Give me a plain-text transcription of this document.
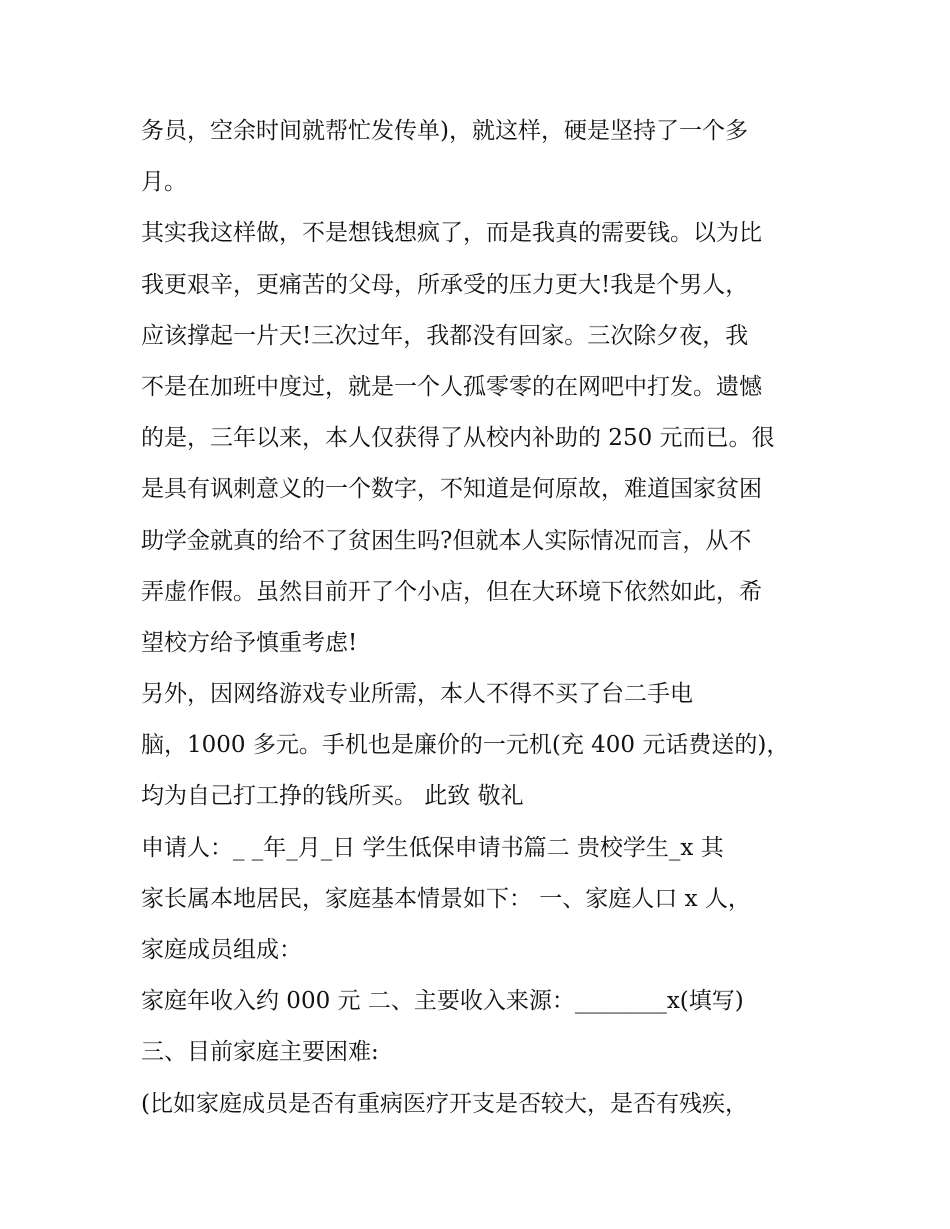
务员，空余时间就帮忙发传单)，就这样，硬是坚持了一个多
月。
其实我这样做，不是想钱想疯了，而是我真的需要钱。以为比
我更艰辛，更痛苦的父母，所承受的压力更大!我是个男人，
应该撑起一片天!三次过年，我都没有回家。三次除夕夜，我
不是在加班中度过，就是一个人孤零零的在网吧中打发。遗憾
的是，三年以来，本人仅获得了从校内补助的 250 元而已。很
是具有讽刺意义的一个数字，不知道是何原故，难道国家贫困
助学金就真的给不了贫困生吗?但就本人实际情况而言，从不
弄虚作假。虽然目前开了个小店，但在大环境下依然如此，希
望校方给予慎重考虑!
另外，因网络游戏专业所需，本人不得不买了台二手电
脑，1000 多元。手机也是廉价的一元机(充 400 元话费送的)，
均为自己打工挣的钱所买。 此致 敬礼
申请人：_ _年_月_日 学生低保申请书篇二 贵校学生_x 其
家长属本地居民，家庭基本情景如下： 一、家庭人口 x 人，
家庭成员组成：
家庭年收入约 000 元 二、主要收入来源：________x(填写)
三、目前家庭主要困难:
(比如家庭成员是否有重病医疗开支是否较大，是否有残疾，
